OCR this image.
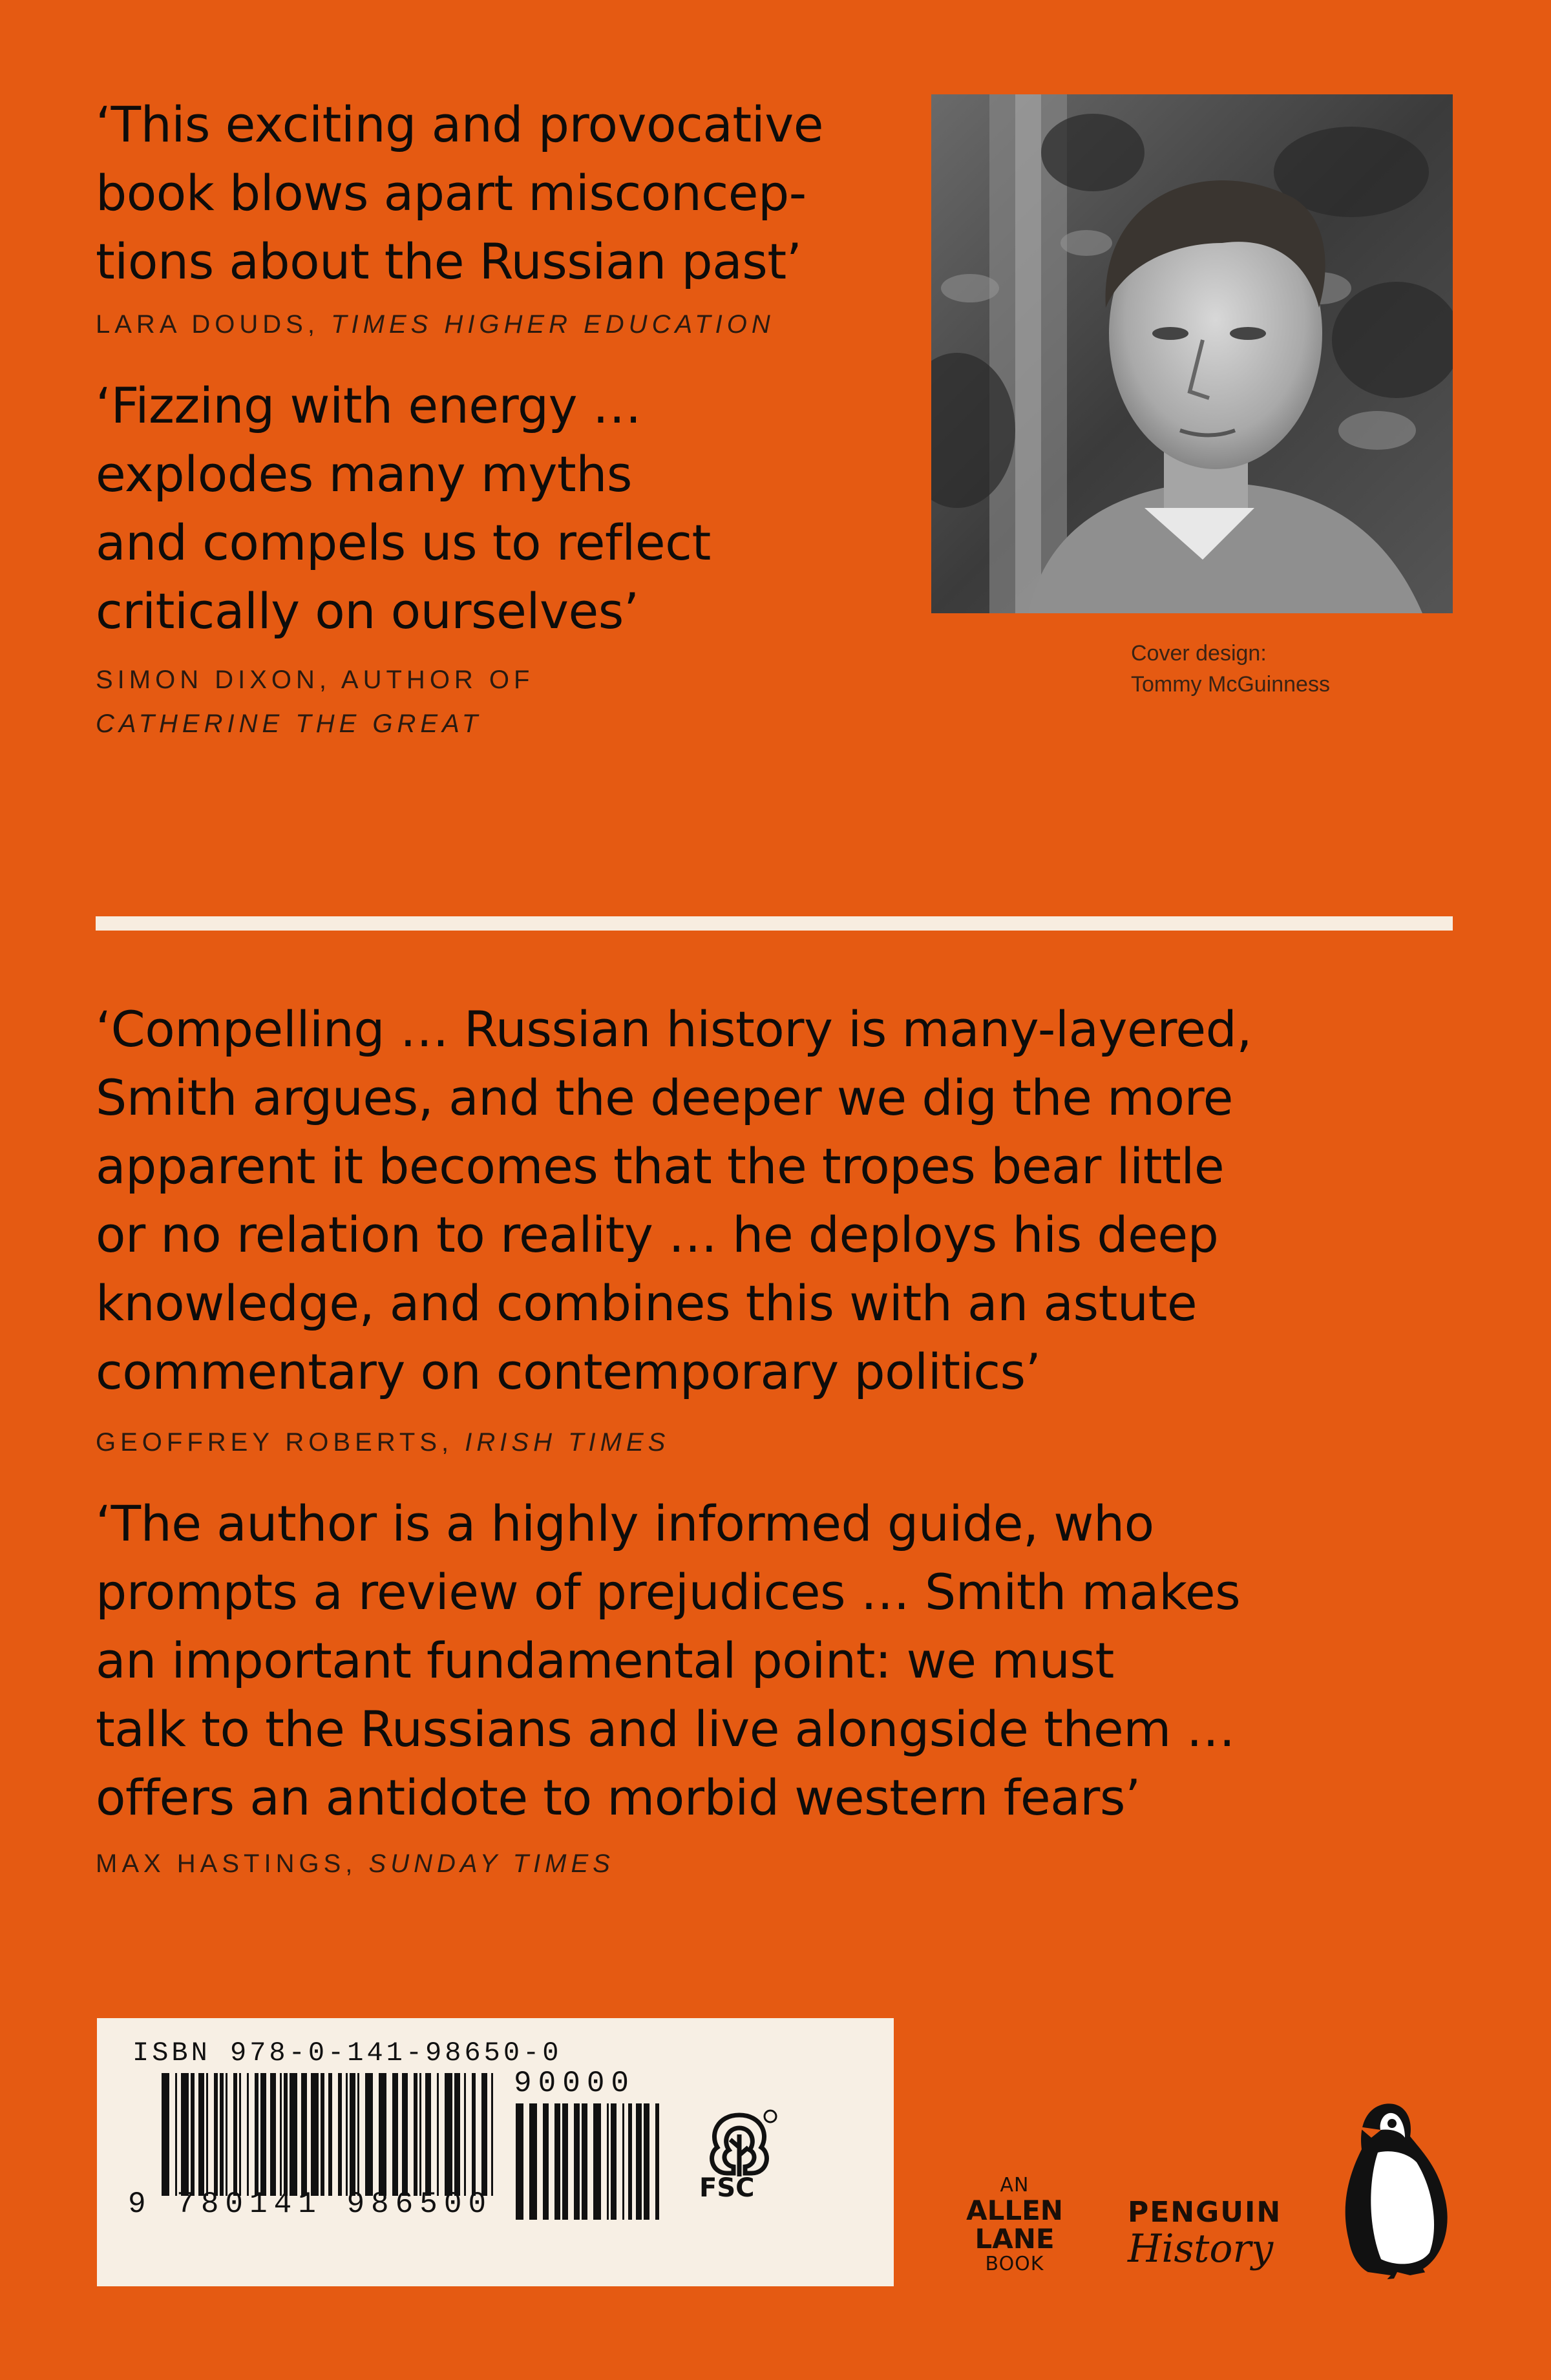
‘This exciting and provocative
book blows apart misconcep-
tions about the Russian past’

LARA DOUDS, TIMES HIGHER EDUCATION

‘Fizzing with energy …
explodes many myths
and compels us to reflect
critically on ourselves’

SIMON DIXON, AUTHOR OF

CATHERINE THE GREAT

Cover design:
Tommy McGuinness

‘Compelling … Russian history is many-layered,
Smith argues, and the deeper we dig the more
apparent it becomes that the tropes bear little
or no relation to reality … he deploys his deep
knowledge, and combines this with an astute
commentary on contemporary politics’

GEOFFREY ROBERTS, IRISH TIMES

‘The author is a highly informed guide, who
prompts a review of prejudices … Smith makes
an important fundamental point: we must
talk to the Russians and live alongside them …
offers an antidote to morbid western fears’

MAX HASTINGS, SUNDAY TIMES

ISBN 978-0-141-98650-0
9 780141 986500
90000
FSC	AN
ALLEN
LANE
BOOK
PENGUIN
History
